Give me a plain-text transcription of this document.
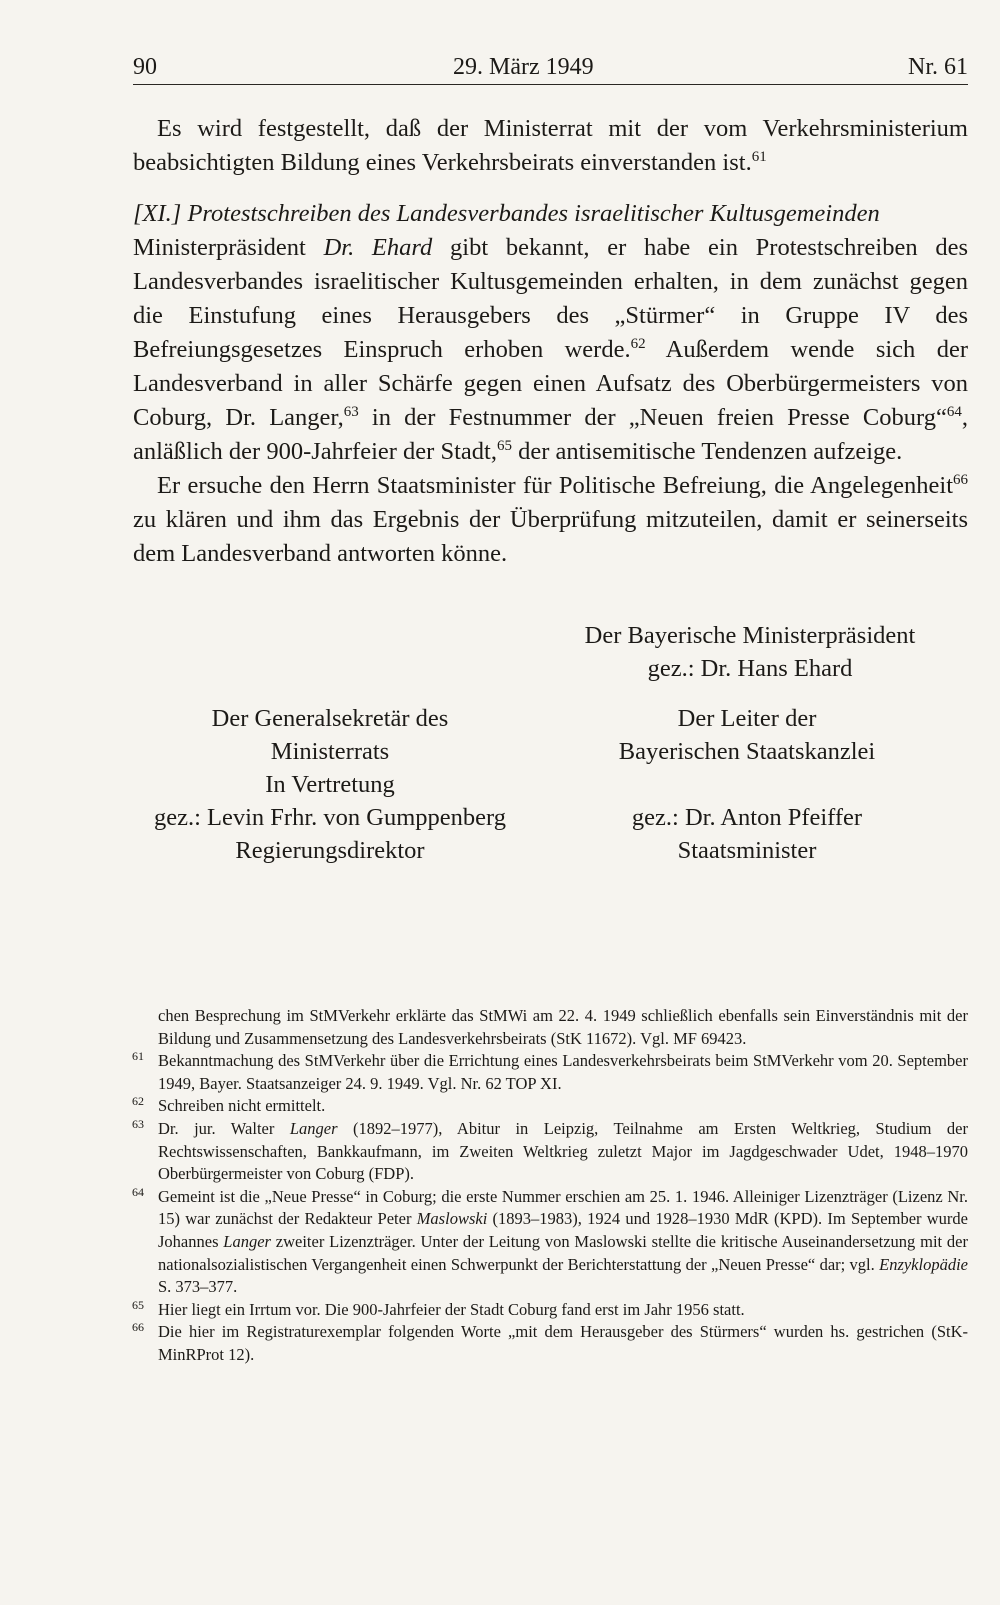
90	29. März 1949	Nr. 61

Es wird festgestellt, daß der Ministerrat mit der vom Verkehrsministerium beabsichtigten Bildung eines Verkehrsbeirats einverstanden ist.$^{61}$

[XI.] Protestschreiben des Landesverbandes israelitischer Kultusgemeinden

Ministerpräsident Dr. Ehard gibt bekannt, er habe ein Protestschreiben des Landesverbandes israelitischer Kultusgemeinden erhalten, in dem zunächst gegen die Einstufung eines Herausgebers des „Stürmer“ in Gruppe IV des Befreiungsgesetzes Einspruch erhoben werde.$^{62}$ Außerdem wende sich der Landesverband in aller Schärfe gegen einen Aufsatz des Oberbürgermeisters von Coburg, Dr. Langer,$^{63}$ in der Festnummer der „Neuen freien Presse Coburg“$^{64}$, anläßlich der 900-Jahrfeier der Stadt,$^{65}$ der antisemitische Tendenzen aufzeige.

Er ersuche den Herrn Staatsminister für Politische Befreiung, die Angelegenheit$^{66}$ zu klären und ihm das Ergebnis der Überprüfung mitzuteilen, damit er seinerseits dem Landesverband antworten könne.

Der Bayerische Ministerpräsident
gez.: Dr. Hans Ehard
Der Generalsekretär des
Ministerrats
In Vertretung
gez.: Levin Frhr. von Gumppenberg
Regierungsdirektor
Der Leiter der
Bayerischen Staatskanzlei

gez.: Dr. Anton Pfeiffer
Staatsminister

chen Besprechung im StMVerkehr erklärte das StMWi am 22. 4. 1949 schließlich ebenfalls sein Einverständnis mit der Bildung und Zusammensetzung des Landesverkehrsbeirats (StK 11672). Vgl. MF 69423.

61 Bekanntmachung des StMVerkehr über die Errichtung eines Landesverkehrsbeirats beim StMVerkehr vom 20. September 1949, Bayer. Staatsanzeiger 24. 9. 1949. Vgl. Nr. 62 TOP XI.

62 Schreiben nicht ermittelt.

63 Dr. jur. Walter Langer (1892–1977), Abitur in Leipzig, Teilnahme am Ersten Weltkrieg, Studium der Rechtswissenschaften, Bankkaufmann, im Zweiten Weltkrieg zuletzt Major im Jagdgeschwader Udet, 1948–1970 Oberbürgermeister von Coburg (FDP).

64 Gemeint ist die „Neue Presse“ in Coburg; die erste Nummer erschien am 25. 1. 1946. Alleiniger Lizenzträger (Lizenz Nr. 15) war zunächst der Redakteur Peter Maslowski (1893–1983), 1924 und 1928–1930 MdR (KPD). Im September wurde Johannes Langer zweiter Lizenzträger. Unter der Leitung von Maslowski stellte die kritische Auseinandersetzung mit der nationalsozialistischen Vergangenheit einen Schwerpunkt der Berichterstattung der „Neuen Presse“ dar; vgl. Enzyklopädie S. 373–377.

65 Hier liegt ein Irrtum vor. Die 900-Jahrfeier der Stadt Coburg fand erst im Jahr 1956 statt.

66 Die hier im Registraturexemplar folgenden Worte „mit dem Herausgeber des Stürmers“ wurden hs. gestrichen (StK-MinRProt 12).
